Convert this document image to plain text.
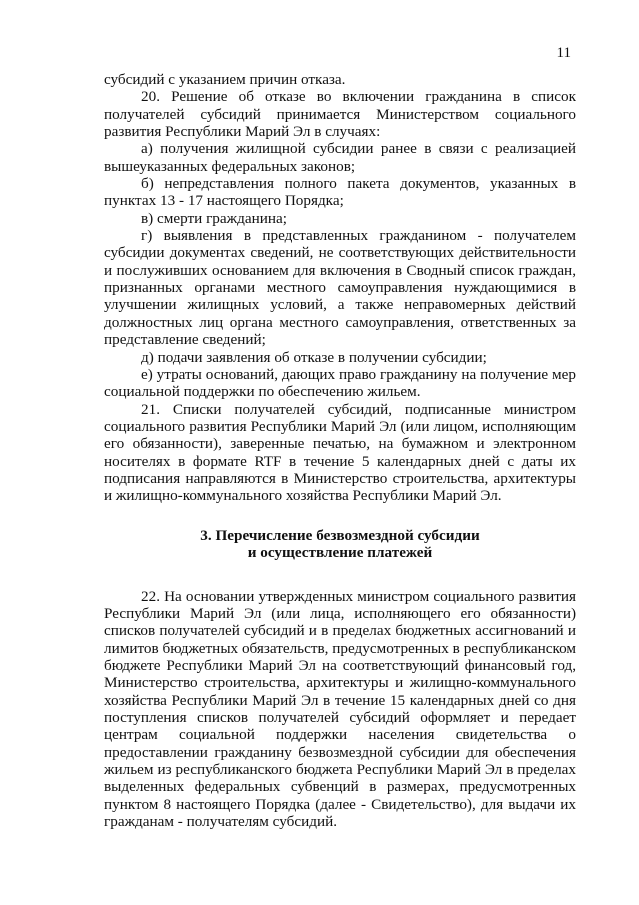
11

субсидий с указанием причин отказа.

20. Решение об отказе во включении гражданина в список получателей субсидий принимается Министерством социального развития Республики Марий Эл в случаях:

а) получения жилищной субсидии ранее в связи с реализацией вышеуказанных федеральных законов;

б) непредставления полного пакета документов, указанных в пунктах 13 - 17 настоящего Порядка;

в) смерти гражданина;

г) выявления в представленных гражданином - получателем субсидии документах сведений, не соответствующих действительности и послуживших основанием для включения в Сводный список граждан, признанных органами местного самоуправления нуждающимися в улучшении жилищных условий, а также неправомерных действий должностных лиц органа местного самоуправления, ответственных за представление сведений;

д) подачи заявления об отказе в получении субсидии;

е) утраты оснований, дающих право гражданину на получение мер социальной поддержки по обеспечению жильем.

21. Списки получателей субсидий, подписанные министром социального развития Республики Марий Эл (или лицом, исполняющим его обязанности), заверенные печатью, на бумажном и электронном носителях в формате RTF в течение 5 календарных дней с даты их подписания направляются в Министерство строительства, архитектуры и жилищно-коммунального хозяйства Республики Марий Эл.

3. Перечисление безвозмездной субсидии

и осуществление платежей

22. На основании утвержденных министром социального развития Республики Марий Эл (или лица, исполняющего его обязанности) списков получателей субсидий и в пределах бюджетных ассигнований и лимитов бюджетных обязательств, предусмотренных в республиканском бюджете Республики Марий Эл на соответствующий финансовый год, Министерство строительства, архитектуры и жилищно-коммунального хозяйства Республики Марий Эл в течение 15 календарных дней со дня поступления списков получателей субсидий оформляет и передает центрам социальной поддержки населения свидетельства о предоставлении гражданину безвозмездной субсидии для обеспечения жильем из республиканского бюджета Республики Марий Эл в пределах выделенных федеральных субвенций в размерах, предусмотренных пунктом 8 настоящего Порядка (далее - Свидетельство), для выдачи их гражданам - получателям субсидий.
